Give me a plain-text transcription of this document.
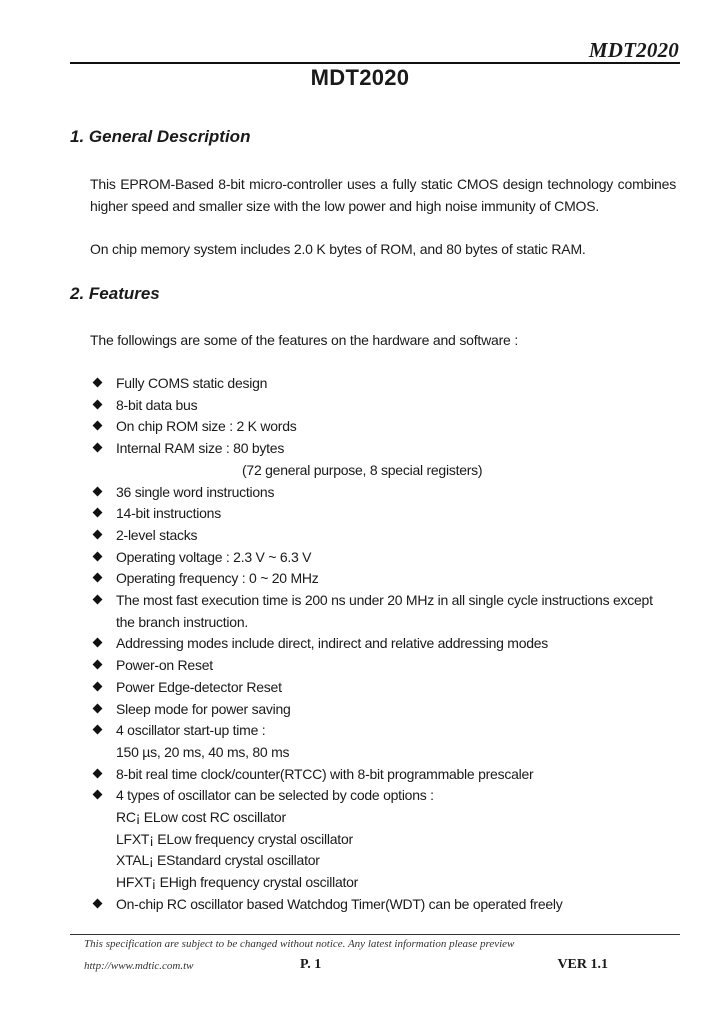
MDT2020
MDT2020
1. General Description
This EPROM-Based 8-bit micro-controller uses a fully static CMOS design technology combines higher speed and smaller size with the low power and high noise immunity of CMOS.
On chip memory system includes 2.0 K bytes of ROM, and 80 bytes of static RAM.
2. Features
The followings are some of the features on the hardware and software :
Fully COMS static design
8-bit data bus
On chip ROM size : 2 K words
Internal RAM size : 80 bytes
(72 general purpose, 8 special registers)
36 single word instructions
14-bit instructions
2-level stacks
Operating voltage : 2.3 V ~ 6.3 V
Operating frequency : 0 ~ 20 MHz
The most fast execution time is 200 ns under 20 MHz in all single cycle instructions except
the branch instruction.
Addressing modes include direct, indirect and relative addressing modes
Power-on Reset
Power Edge-detector Reset
Sleep mode for power saving
4 oscillator start-up time :
150 µs, 20 ms, 40 ms, 80 ms
8-bit real time clock/counter(RTCC) with 8-bit programmable prescaler
4 types of oscillator can be selected by code options :
RC¡ ELow cost RC oscillator
LFXT¡ ELow frequency crystal oscillator
XTAL¡ EStandard crystal oscillator
HFXT¡ EHigh frequency crystal oscillator
On-chip RC oscillator based Watchdog Timer(WDT) can be operated freely
This specification are subject to be changed without notice. Any latest information please preview
http://www.mdtic.com.tw	P. 1	VER 1.1
